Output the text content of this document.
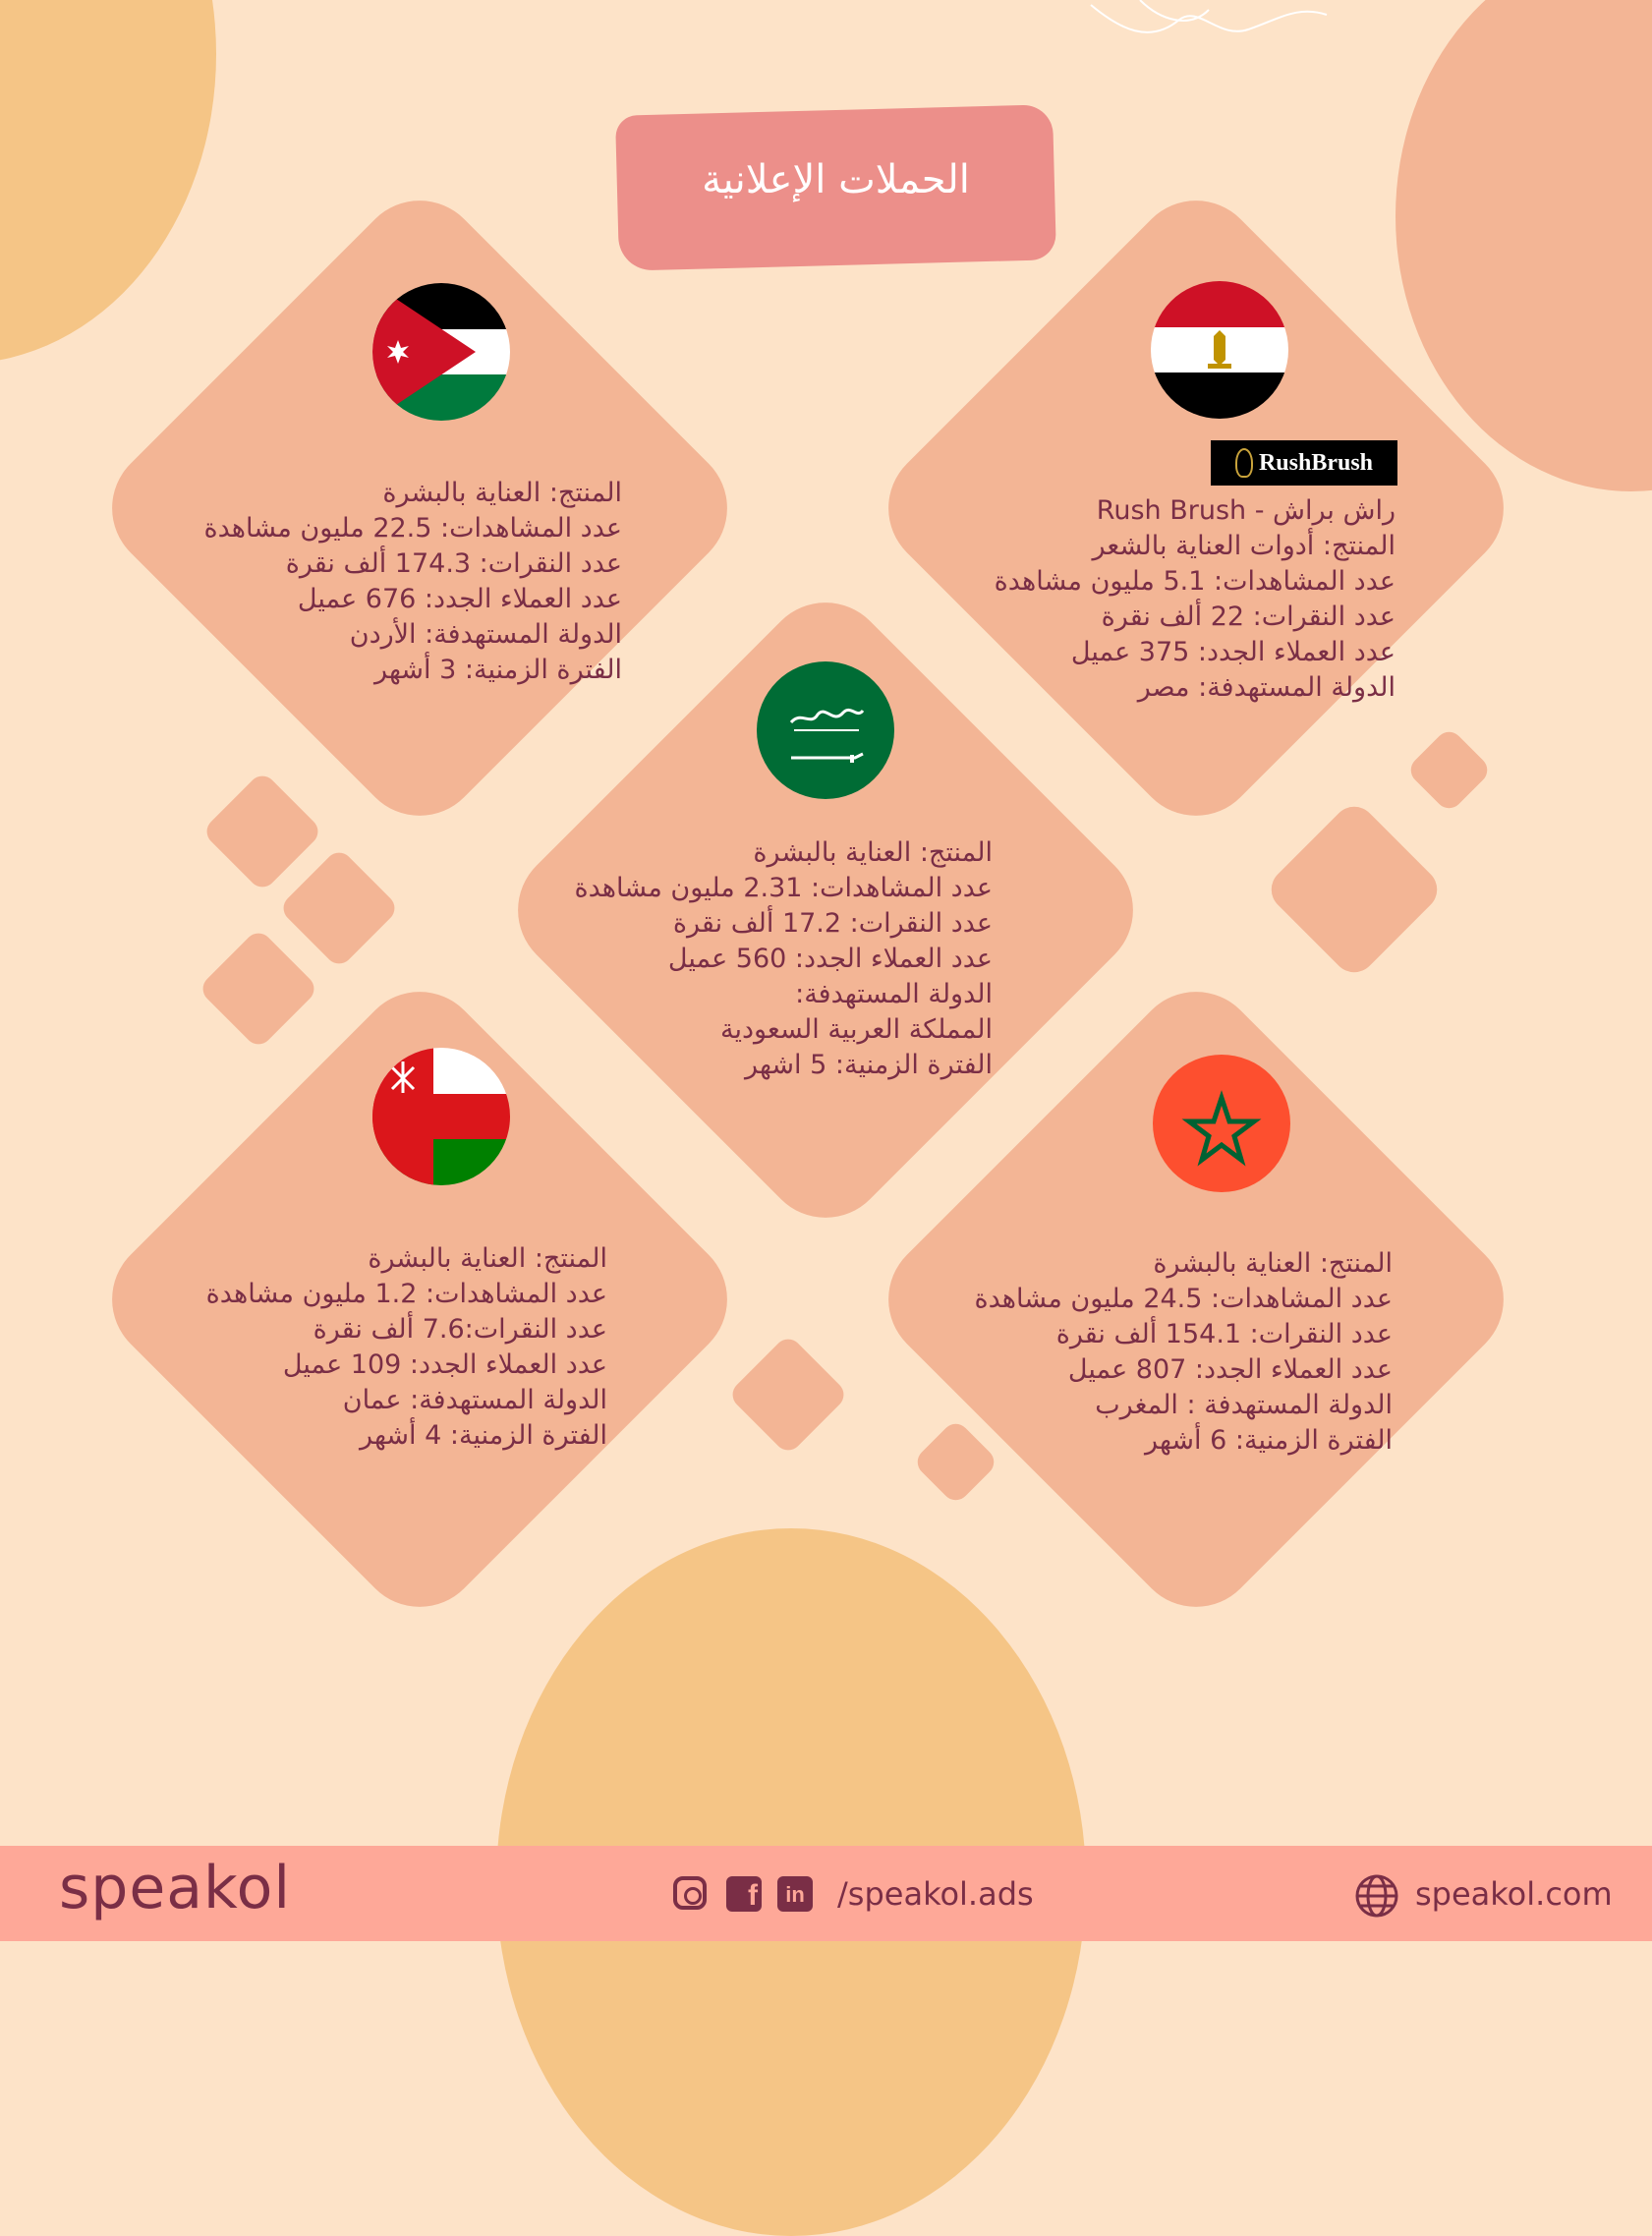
الحملات الإعلانية
RushBrush
المنتج: العناية بالبشرة
عدد المشاهدات: 22.5 مليون مشاهدة
عدد النقرات: 174.3 ألف نقرة
عدد العملاء الجدد: 676 عميل
الدولة المستهدفة: الأردن
الفترة الزمنية: 3 أشهر
راش براش - Rush Brush
المنتج: أدوات العناية بالشعر
عدد المشاهدات: 5.1 مليون مشاهدة
عدد النقرات: 22 ألف نقرة
عدد العملاء الجدد: 375 عميل
الدولة المستهدفة: مصر
المنتج: العناية بالبشرة
عدد المشاهدات: 2.31 مليون مشاهدة
عدد النقرات: 17.2 ألف نقرة
عدد العملاء الجدد: 560 عميل
الدولة المستهدفة:
المملكة العربية السعودية
الفترة الزمنية: 5 اشهر
المنتج: العناية بالبشرة
عدد المشاهدات: 1.2 مليون مشاهدة
عدد النقرات:7.6 ألف نقرة
عدد العملاء الجدد: 109 عميل
الدولة المستهدفة: عمان
الفترة الزمنية: 4 أشهر
المنتج: العناية بالبشرة
عدد المشاهدات: 24.5 مليون مشاهدة
عدد النقرات: 154.1 ألف نقرة
عدد العملاء الجدد: 807 عميل
الدولة المستهدفة : المغرب
الفترة الزمنية: 6 أشهر
speakol	f	in /speakol.ads	speakol.com
